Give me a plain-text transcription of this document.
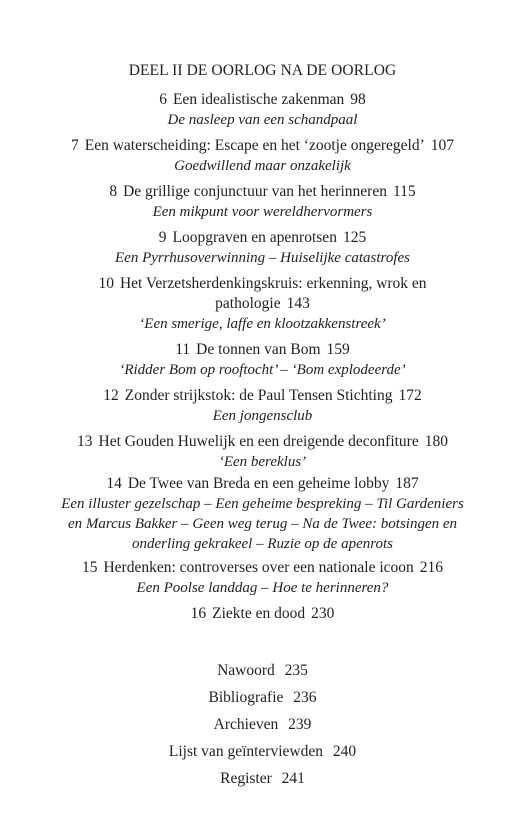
DEEL II DE OORLOG NA DE OORLOG
6 Een idealistische zakenman 98
De nasleep van een schandpaal
7 Een waterscheiding: Escape en het ‘zootje ongeregeld’ 107
Goedwillend maar onzakelijk
8 De grillige conjunctuur van het herinneren 115
Een mikpunt voor wereldhervormers
9 Loopgraven en apenrotsen 125
Een Pyrrhusoverwinning – Huiselijke catastrofes
10 Het Verzetsherdenkingskruis: erkenning, wrok en
pathologie 143
‘Een smerige, laffe en klootzakkenstreek’
11 De tonnen van Bom 159
‘Ridder Bom op rooftocht’ – ‘Bom explodeerde’
12 Zonder strijkstok: de Paul Tensen Stichting 172
Een jongensclub
13 Het Gouden Huwelijk en een dreigende deconfiture 180
‘Een bereklus’
14 De Twee van Breda en een geheime lobby 187
Een illuster gezelschap – Een geheime bespreking – Til Gardeniers
en Marcus Bakker – Geen weg terug – Na de Twee: botsingen en
onderling gekrakeel – Ruzie op de apenrots
15 Herdenken: controverses over een nationale icoon 216
Een Poolse landdag – Hoe te herinneren?
16 Ziekte en dood 230
Nawoord 235
Bibliografie 236
Archieven 239
Lijst van geïnterviewden 240
Register 241
